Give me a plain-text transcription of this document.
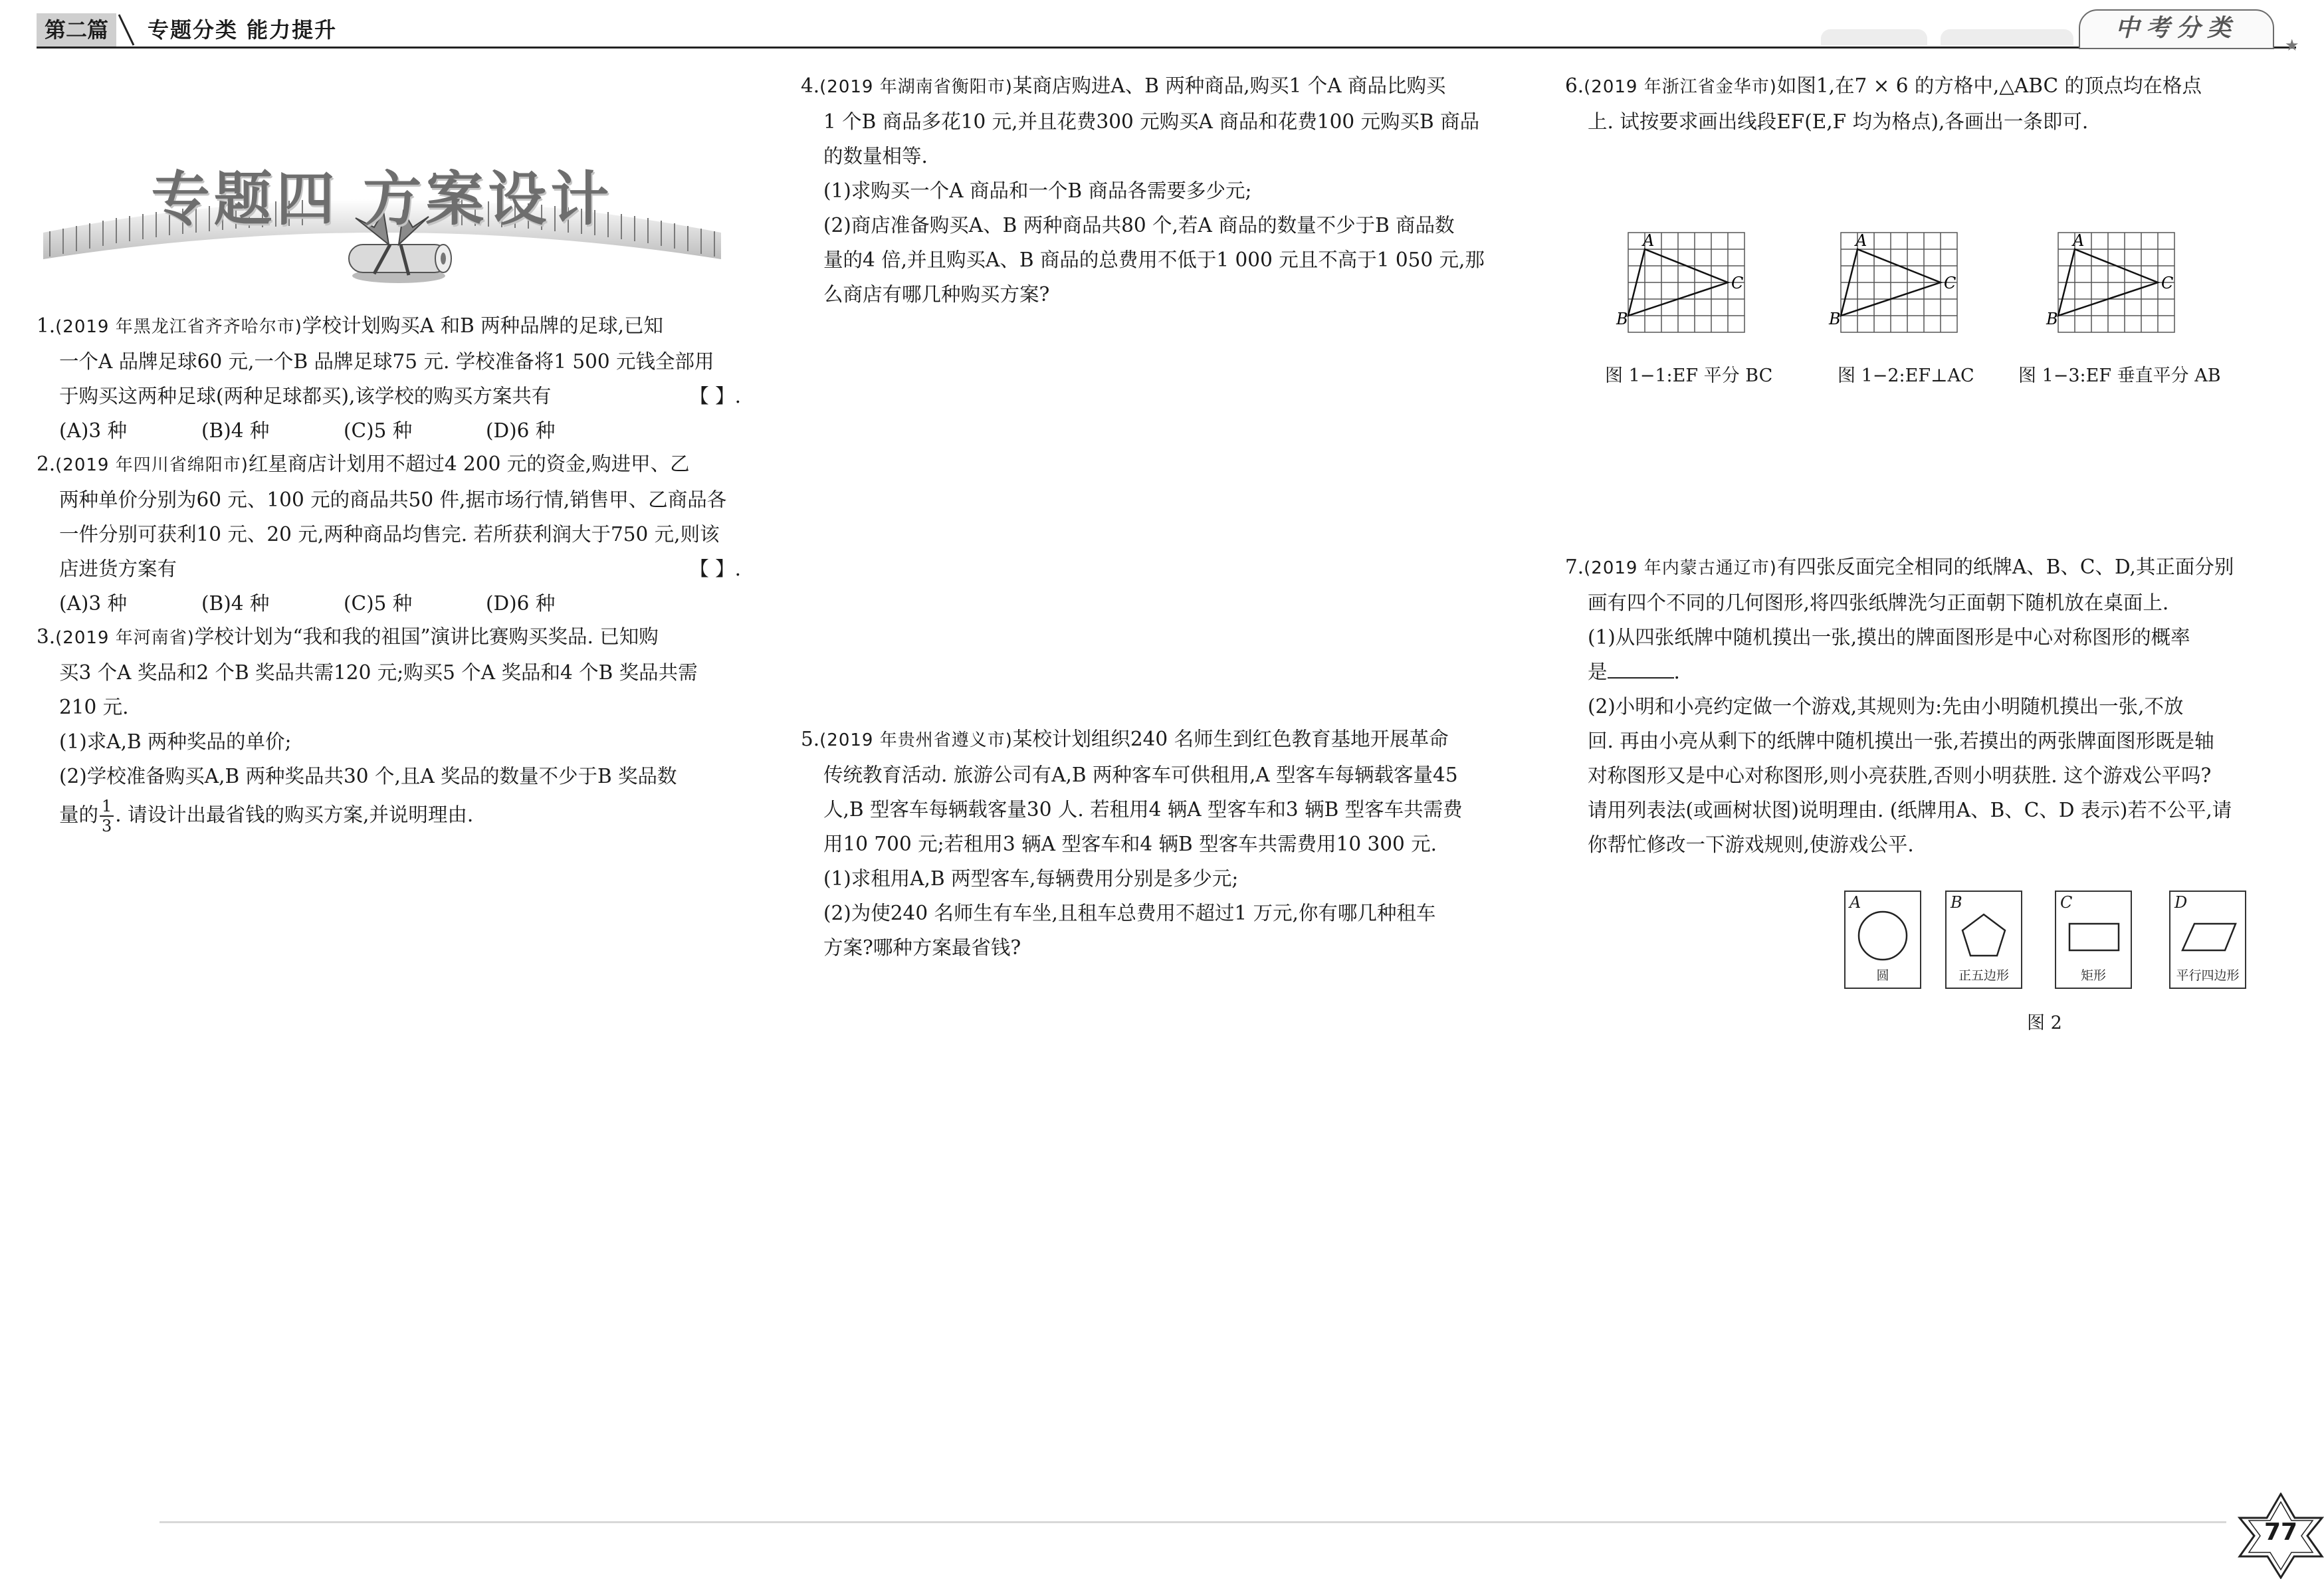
第二篇	专题分类 能力提升	中考分类
★
专题四 方案设计

1.(2019 年黑龙江省齐齐哈尔市)学校计划购买A 和B 两种品牌的足球,已知

一个A 品牌足球60 元,一个B 品牌足球75 元. 学校准备将1 500 元钱全部用

于购买这两种足球(两种足球都买),该学校的购买方案共有	【 】.

(A)3 种	(B)4 种	(C)5 种	(D)6 种

2.(2019 年四川省绵阳市)红星商店计划用不超过4 200 元的资金,购进甲、乙

两种单价分别为60 元、100 元的商品共50 件,据市场行情,销售甲、乙商品各

一件分别可获利10 元、20 元,两种商品均售完. 若所获利润大于750 元,则该

店进货方案有	【 】.

(A)3 种	(B)4 种	(C)5 种	(D)6 种

3.(2019 年河南省)学校计划为“我和我的祖国”演讲比赛购买奖品. 已知购

买3 个A 奖品和2 个B 奖品共需120 元;购买5 个A 奖品和4 个B 奖品共需

210 元.

(1)求A,B 两种奖品的单价;

(2)学校准备购买A,B 两种奖品共30 个,且A 奖品的数量不少于B 奖品数

量的 $\frac{1}{3}$ . 请设计出最省钱的购买方案,并说明理由.

4.(2019 年湖南省衡阳市)某商店购进A、B 两种商品,购买1 个A 商品比购买

1 个B 商品多花10 元,并且花费300 元购买A 商品和花费100 元购买B 商品

的数量相等.

(1)求购买一个A 商品和一个B 商品各需要多少元;

(2)商店准备购买A、B 两种商品共80 个,若A 商品的数量不少于B 商品数

量的4 倍,并且购买A、B 商品的总费用不低于1 000 元且不高于1 050 元,那

么商店有哪几种购买方案?

5.(2019 年贵州省遵义市)某校计划组织240 名师生到红色教育基地开展革命

传统教育活动. 旅游公司有A,B 两种客车可供租用,A 型客车每辆载客量45

人,B 型客车每辆载客量30 人. 若租用4 辆A 型客车和3 辆B 型客车共需费

用10 700 元;若租用3 辆A 型客车和4 辆B 型客车共需费用10 300 元.

(1)求租用A,B 两型客车,每辆费用分别是多少元;

(2)为使240 名师生有车坐,且租车总费用不超过1 万元,你有哪几种租车

方案?哪种方案最省钱?

6.(2019 年浙江省金华市)如图1,在7 × 6 的方格中,△ABC 的顶点均在格点

上. 试按要求画出线段EF(E,F 均为格点),各画出一条即可.

A
B
C
A
B
C
A
B
C
图 1−1:EF 平分 BC	图 1−2:EF⊥AC 图 1−3:EF 垂直平分 AB

7.(2019 年内蒙古通辽市)有四张反面完全相同的纸牌A、B、C、D,其正面分别

画有四个不同的几何图形,将四张纸牌洗匀正面朝下随机放在桌面上.

(1)从四张纸牌中随机摸出一张,摸出的牌面图形是中心对称图形的概率

是	.

(2)小明和小亮约定做一个游戏,其规则为:先由小明随机摸出一张,不放

回. 再由小亮从剩下的纸牌中随机摸出一张,若摸出的两张牌面图形既是轴

对称图形又是中心对称图形,则小亮获胜,否则小明获胜. 这个游戏公平吗?

请用列表法(或画树状图)说明理由. (纸牌用A、B、C、D 表示)若不公平,请

你帮忙修改一下游戏规则,使游戏公平.

A
圆
B
正五边形
C
矩形
D
平行四边形
图 2
77
